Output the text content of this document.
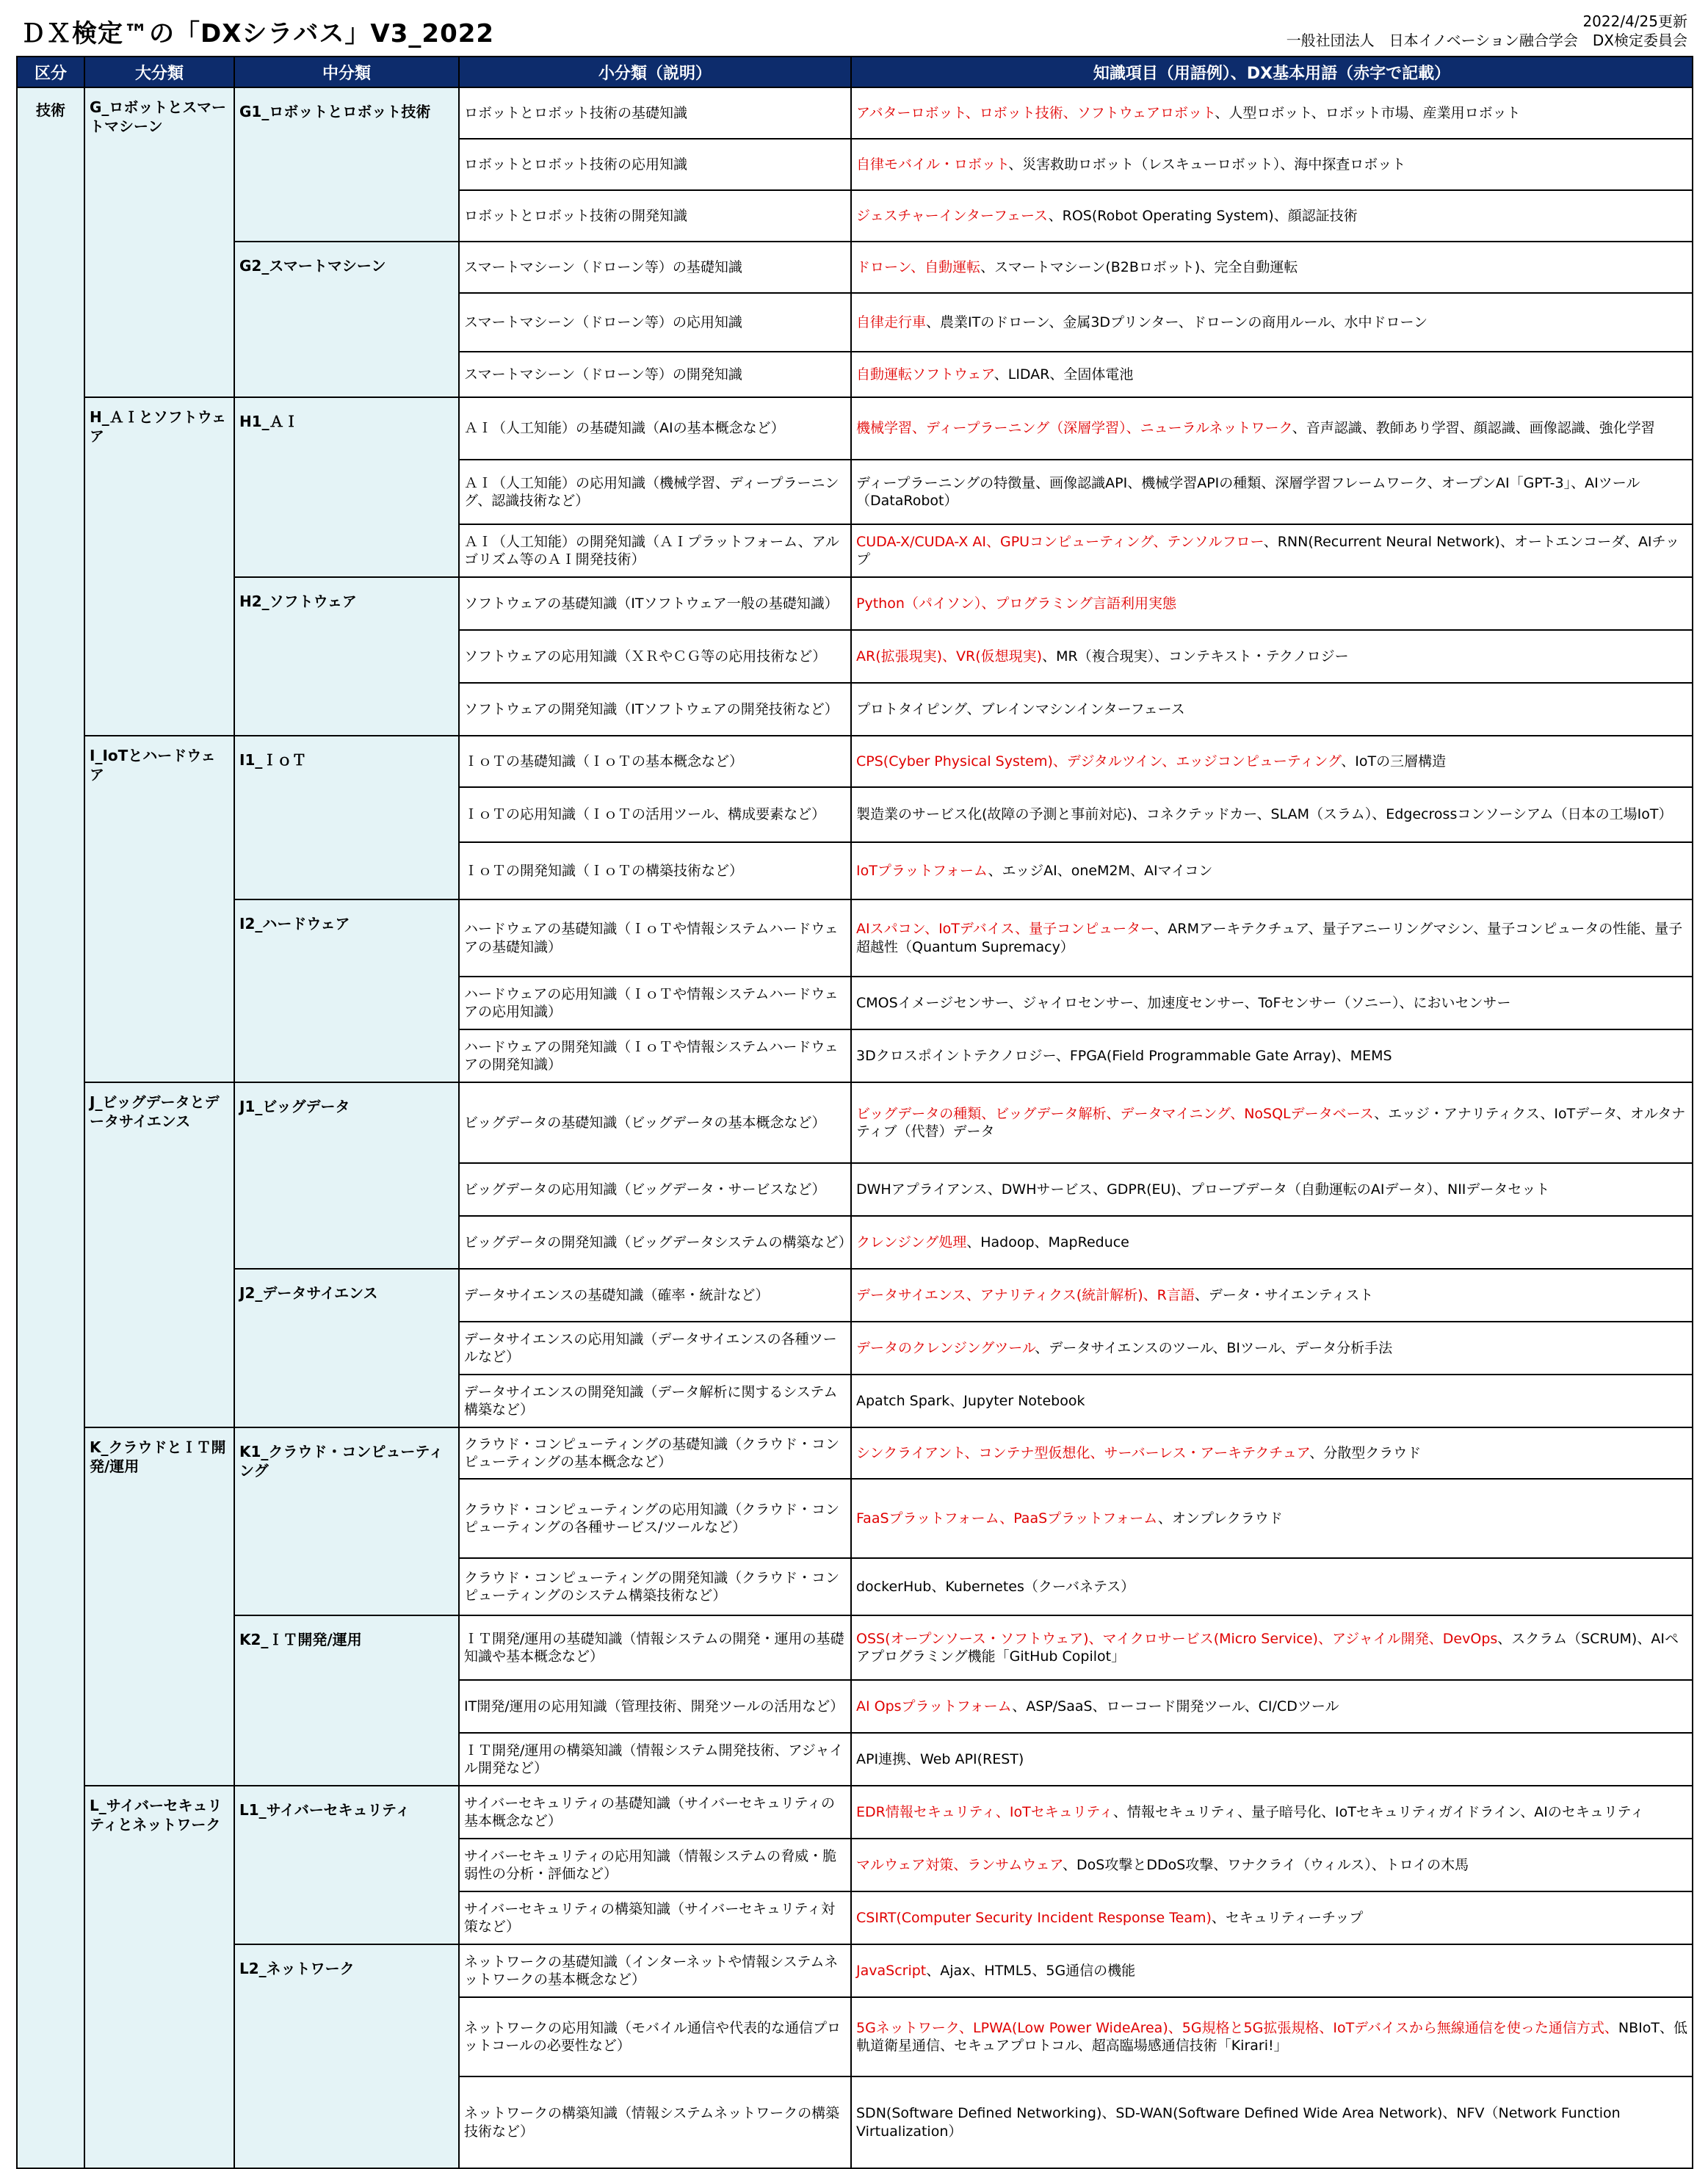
ＤＸ検定™の「DXシラバス」V3_2022	2022/4/25更新
一般社団法人　日本イノベーション融合学会　DX検定委員会
区分	大分類	中分類	小分類（説明）	知識項目（用語例）、DX基本用語（赤字で記載）
技術	G_ロボットとスマートマシーン	G1_ロボットとロボット技術	ロボットとロボット技術の基礎知識	アバターロボット、ロボット技術、ソフトウェアロボット、人型ロボット、ロボット市場、産業用ロボット
			ロボットとロボット技術の応用知識	自律モバイル・ロボット、災害救助ロボット（レスキューロボット）、海中探査ロボット
			ロボットとロボット技術の開発知識	ジェスチャーインターフェース、ROS(Robot Operating System)、顔認証技術
		G2_スマートマシーン	スマートマシーン（ドローン等）の基礎知識	ドローン、自動運転、スマートマシーン(B2Bロボット)、完全自動運転
			スマートマシーン（ドローン等）の応用知識	自律走行車、農業ITのドローン、金属3Dプリンター、ドローンの商用ルール、水中ドローン
			スマートマシーン（ドローン等）の開発知識	自動運転ソフトウェア、LIDAR、全固体電池
	H_ＡＩとソフトウェア	H1_ＡＩ	ＡＩ（人工知能）の基礎知識（AIの基本概念など）	機械学習、ディープラーニング（深層学習）、ニューラルネットワーク、音声認識、教師あり学習、顔認識、画像認識、強化学習
			ＡＩ（人工知能）の応用知識（機械学習、ディープラーニング、認識技術など）	ディープラーニングの特徴量、画像認識API、機械学習APIの種類、深層学習フレームワーク、オープンAI「GPT-3」、AIツール（DataRobot）
			ＡＩ（人工知能）の開発知識（ＡＩプラットフォーム、アルゴリズム等のＡＩ開発技術）	CUDA-X/CUDA-X AI、GPUコンピューティング、テンソルフロー、RNN(Recurrent Neural Network)、オートエンコーダ、AIチップ
		H2_ソフトウェア	ソフトウェアの基礎知識（ITソフトウェア一般の基礎知識）	Python（パイソン）、プログラミング言語利用実態
			ソフトウェアの応用知識（ＸＲやＣＧ等の応用技術など）	AR(拡張現実)、VR(仮想現実)、MR（複合現実）、コンテキスト・テクノロジー
			ソフトウェアの開発知識（ITソフトウェアの開発技術など）	プロトタイピング、ブレインマシンインターフェース
	I_IoTとハードウェア	I1_ＩｏＴ	ＩｏＴの基礎知識（ＩｏＴの基本概念など）	CPS(Cyber Physical System)、デジタルツイン、エッジコンピューティング、IoTの三層構造
			ＩｏＴの応用知識（ＩｏＴの活用ツール、構成要素など）	製造業のサービス化(故障の予測と事前対応)、コネクテッドカー、SLAM（スラム）、Edgecrossコンソーシアム（日本の工場IoT）
			ＩｏＴの開発知識（ＩｏＴの構築技術など）	IoTプラットフォーム、エッジAI、oneM2M、AIマイコン
		I2_ハードウェア	ハードウェアの基礎知識（ＩｏＴや情報システムハードウェアの基礎知識）	AIスパコン、IoTデバイス、量子コンピューター、ARMアーキテクチュア、量子アニーリングマシン、量子コンピュータの性能、量子超越性（Quantum Supremacy）
			ハードウェアの応用知識（ＩｏＴや情報システムハードウェアの応用知識）	CMOSイメージセンサー、ジャイロセンサー、加速度センサー、ToFセンサー（ソニー）、においセンサー
			ハードウェアの開発知識（ＩｏＴや情報システムハードウェアの開発知識）	3Dクロスポイントテクノロジー、FPGA(Field Programmable Gate Array)、MEMS
	J_ビッグデータとデータサイエンス	J1_ビッグデータ	ビッグデータの基礎知識（ビッグデータの基本概念など）	ビッグデータの種類、ビッグデータ解析、データマイニング、NoSQLデータベース、エッジ・アナリティクス、IoTデータ、オルタナティブ（代替）データ
			ビッグデータの応用知識（ビッグデータ・サービスなど）	DWHアプライアンス、DWHサービス、GDPR(EU)、プローブデータ（自動運転のAIデータ）、NIIデータセット
			ビッグデータの開発知識（ビッグデータシステムの構築など）	クレンジング処理、Hadoop、MapReduce
		J2_データサイエンス	データサイエンスの基礎知識（確率・統計など）	データサイエンス、アナリティクス(統計解析)、R言語、データ・サイエンティスト
			データサイエンスの応用知識（データサイエンスの各種ツールなど）	データのクレンジングツール、データサイエンスのツール、BIツール、データ分析手法
			データサイエンスの開発知識（データ解析に関するシステム構築など）	Apatch Spark、Jupyter Notebook
	K_クラウドとＩＴ開発/運用	K1_クラウド・コンピューティング	クラウド・コンピューティングの基礎知識（クラウド・コンピューティングの基本概念など）	シンクライアント、コンテナ型仮想化、サーバーレス・アーキテクチュア、分散型クラウド
			クラウド・コンピューティングの応用知識（クラウド・コンピューティングの各種サービス/ツールなど）	FaaSプラットフォーム、PaaSプラットフォーム、オンプレクラウド
			クラウド・コンピューティングの開発知識（クラウド・コンピューティングのシステム構築技術など）	dockerHub、Kubernetes（クーバネテス）
		K2_ＩＴ開発/運用	ＩＴ開発/運用の基礎知識（情報システムの開発・運用の基礎知識や基本概念など）	OSS(オープンソース・ソフトウェア)、マイクロサービス(Micro Service)、アジャイル開発、DevOps、スクラム（SCRUM)、AIペアプログラミング機能「GitHub Copilot」
			IT開発/運用の応用知識（管理技術、開発ツールの活用など）	AI Opsプラットフォーム、ASP/SaaS、ローコード開発ツール、CI/CDツール
			ＩＴ開発/運用の構築知識（情報システム開発技術、アジャイル開発など）	API連携、Web API(REST)
	L_サイバーセキュリティとネットワーク	L1_サイバーセキュリティ	サイバーセキュリティの基礎知識（サイバーセキュリティの基本概念など）	EDR情報セキュリティ、IoTセキュリティ、情報セキュリティ、量子暗号化、IoTセキュリティガイドライン、AIのセキュリティ
			サイバーセキュリティの応用知識（情報システムの脅威・脆弱性の分析・評価など）	マルウェア対策、ランサムウェア、DoS攻撃とDDoS攻撃、ワナクライ（ウィルス）、トロイの木馬
			サイバーセキュリティの構築知識（サイバーセキュリティ対策など）	CSIRT(Computer Security Incident Response Team)、セキュリティーチップ
		L2_ネットワーク	ネットワークの基礎知識（インターネットや情報システムネットワークの基本概念など）	JavaScript、Ajax、HTML5、5G通信の機能
			ネットワークの応用知識（モバイル通信や代表的な通信プロットコールの必要性など）	5Gネットワーク、LPWA(Low Power WideArea)、5G規格と5G拡張規格、IoTデバイスから無線通信を使った通信方式、NBIoT、低軌道衛星通信、セキュアプロトコル、超高臨場感通信技術「Kirari!」
			ネットワークの構築知識（情報システムネットワークの構築技術など）	SDN(Software Defined Networking)、SD-WAN(Software Defined Wide Area Network)、NFV（Network Function Virtualization）
